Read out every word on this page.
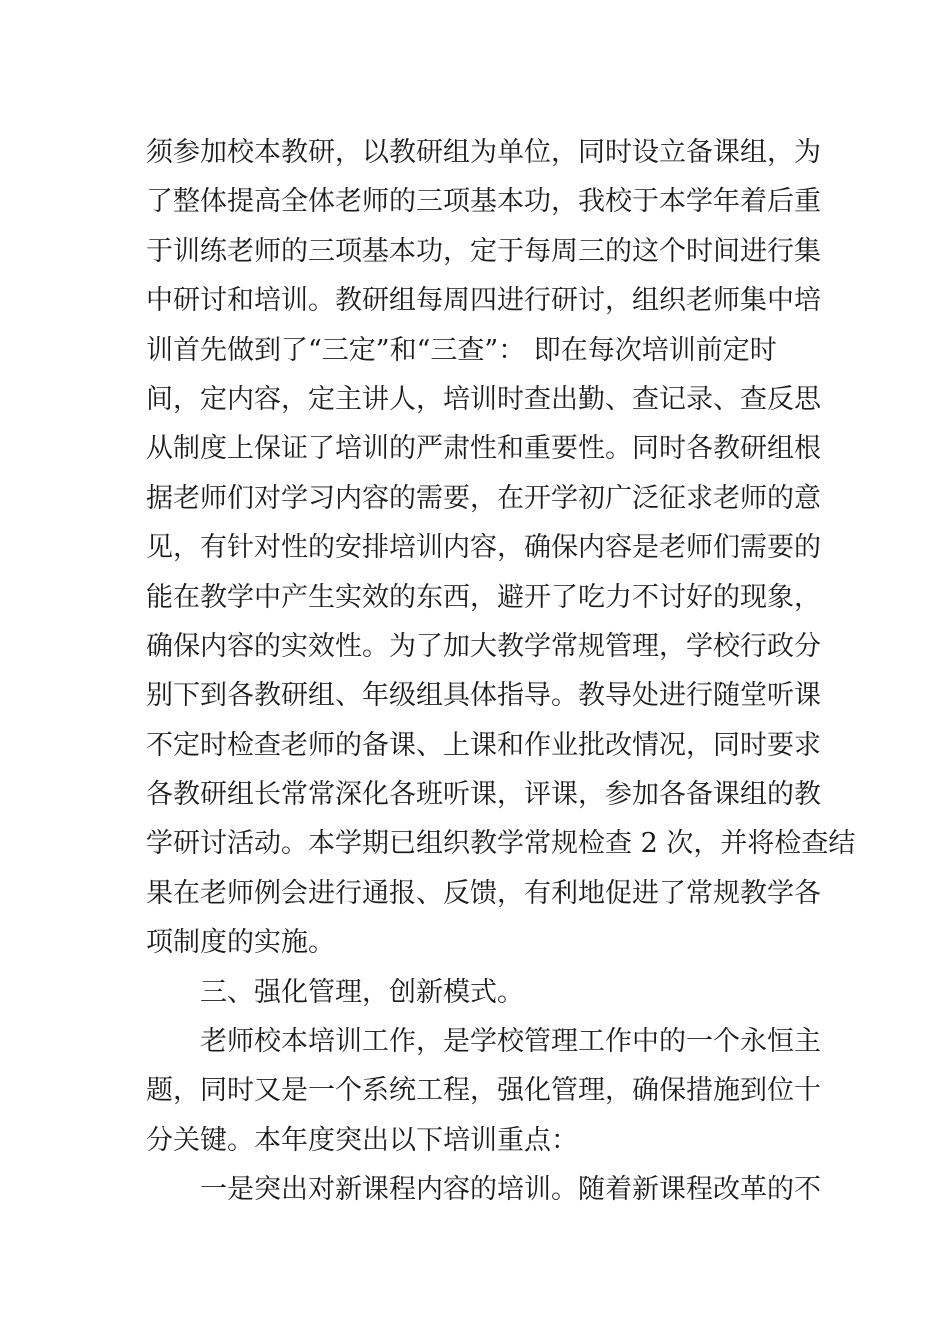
须参加校本教研，以教研组为单位，同时设立备课组，为
了整体提高全体老师的三项基本功，我校于本学年着后重
于训练老师的三项基本功，定于每周三的这个时间进行集
中研讨和培训。教研组每周四进行研讨，组织老师集中培
训首先做到了“三定”和“三查”： 即在每次培训前定时
间，定内容，定主讲人，培训时查出勤、查记录、查反思
从制度上保证了培训的严肃性和重要性。同时各教研组根
据老师们对学习内容的需要，在开学初广泛征求老师的意
见，有针对性的安排培训内容，确保内容是老师们需要的
能在教学中产生实效的东西，避开了吃力不讨好的现象，
确保内容的实效性。为了加大教学常规管理，学校行政分
别下到各教研组、年级组具体指导。教导处进行随堂听课
不定时检查老师的备课、上课和作业批改情况，同时要求
各教研组长常常深化各班听课，评课，参加各备课组的教
学研讨活动。本学期已组织教学常规检查 2 次，并将检查结
果在老师例会进行通报、反馈，有利地促进了常规教学各
项制度的实施。
三、强化管理，创新模式。
老师校本培训工作，是学校管理工作中的一个永恒主
题，同时又是一个系统工程，强化管理，确保措施到位十
分关键。本年度突出以下培训重点：
一是突出对新课程内容的培训。随着新课程改革的不
